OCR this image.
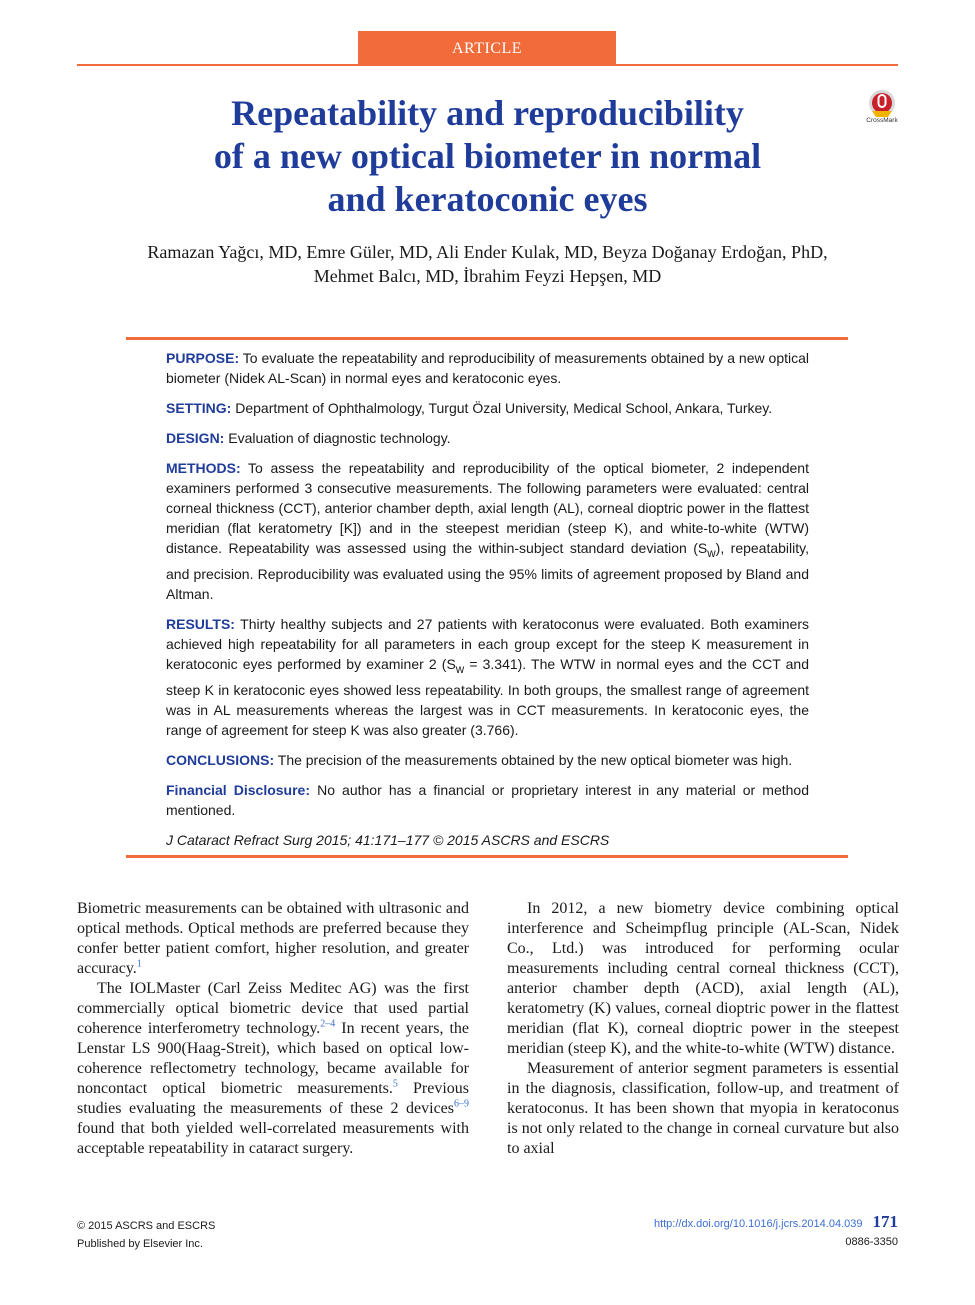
ARTICLE
Repeatability and reproducibility
of a new optical biometer in normal
and keratoconic eyes
CrossMark
Ramazan Yağcı, MD, Emre Güler, MD, Ali Ender Kulak, MD, Beyza Doğanay Erdoğan, PhD,
Mehmet Balcı, MD, İbrahim Feyzi Hepşen, MD

PURPOSE: To evaluate the repeatability and reproducibility of measurements obtained by a new optical biometer (Nidek AL-Scan) in normal eyes and keratoconic eyes.

SETTING: Department of Ophthalmology, Turgut Özal University, Medical School, Ankara, Turkey.

DESIGN: Evaluation of diagnostic technology.

METHODS: To assess the repeatability and reproducibility of the optical biometer, 2 independent examiners performed 3 consecutive measurements. The following parameters were evaluated: central corneal thickness (CCT), anterior chamber depth, axial length (AL), corneal dioptric power in the flattest meridian (flat keratometry [K]) and in the steepest meridian (steep K), and white-to-white (WTW) distance. Repeatability was assessed using the within-subject standard deviation $(S_w)$, repeatability, and precision. Reproducibility was evaluated using the 95% limits of agreement proposed by Bland and Altman.

RESULTS: Thirty healthy subjects and 27 patients with keratoconus were evaluated. Both examiners achieved high repeatability for all parameters in each group except for the steep K measurement in keratoconic eyes performed by examiner 2 $(S_w = 3.341)$. The WTW in normal eyes and the CCT and steep K in keratoconic eyes showed less repeatability. In both groups, the smallest range of agreement was in AL measurements whereas the largest was in CCT measurements. In keratoconic eyes, the range of agreement for steep K was also greater (3.766).

CONCLUSIONS: The precision of the measurements obtained by the new optical biometer was high.

Financial Disclosure: No author has a financial or proprietary interest in any material or method mentioned.

J Cataract Refract Surg 2015; 41:171–177 © 2015 ASCRS and ESCRS

Biometric measurements can be obtained with ultrasonic and optical methods. Optical methods are preferred because they confer better patient comfort, higher resolution, and greater accuracy.$^1$

The IOLMaster (Carl Zeiss Meditec AG) was the first commercially optical biometric device that used partial coherence interferometry technology.$^{2-4}$ In recent years, the Lenstar LS 900(Haag-Streit), which based on optical low-coherence reflectometry technology, became available for noncontact optical biometric measurements.$^5$ Previous studies evaluating the measurements of these 2 devices$^{6-9}$ found that both yielded well-correlated measurements with acceptable repeatability in cataract surgery.

In 2012, a new biometry device combining optical interference and Scheimpflug principle (AL-Scan, Nidek Co., Ltd.) was introduced for performing ocular measurements including central corneal thickness (CCT), anterior chamber depth (ACD), axial length (AL), keratometry (K) values, corneal dioptric power in the flattest meridian (flat K), corneal dioptric power in the steepest meridian (steep K), and the white-to-white (WTW) distance.

Measurement of anterior segment parameters is essential in the diagnosis, classification, follow-up, and treatment of keratoconus. It has been shown that myopia in keratoconus is not only related to the change in corneal curvature but also to axial

© 2015 ASCRS and ESCRS
Published by Elsevier Inc.
http://dx.doi.org/10.1016/j.jcrs.2014.04.039 171
0886-3350
